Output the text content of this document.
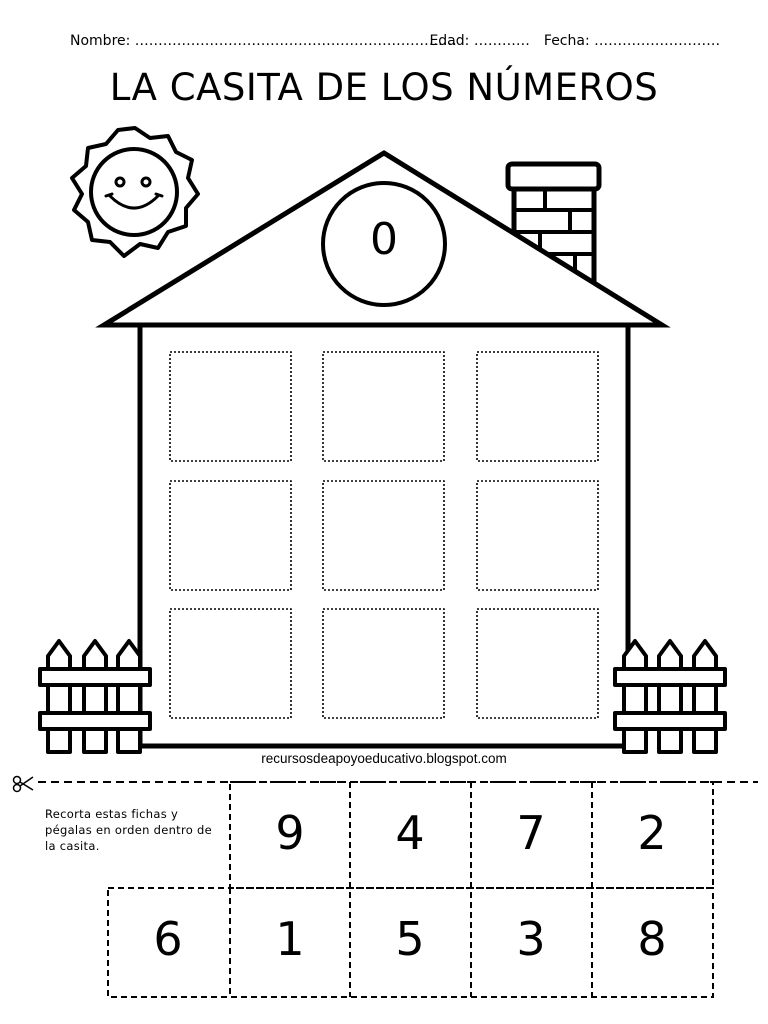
Nombre: …………………………………………………………… Edad: ………… Fecha: ………………………
LA CASITA DE LOS NÚMEROS
0
recursosdeapoyoeducativo.blogspot.com
Recorta estas fichas y pégalas en orden dentro de la casita.	9	4	7	2
6	1	5	3	8
